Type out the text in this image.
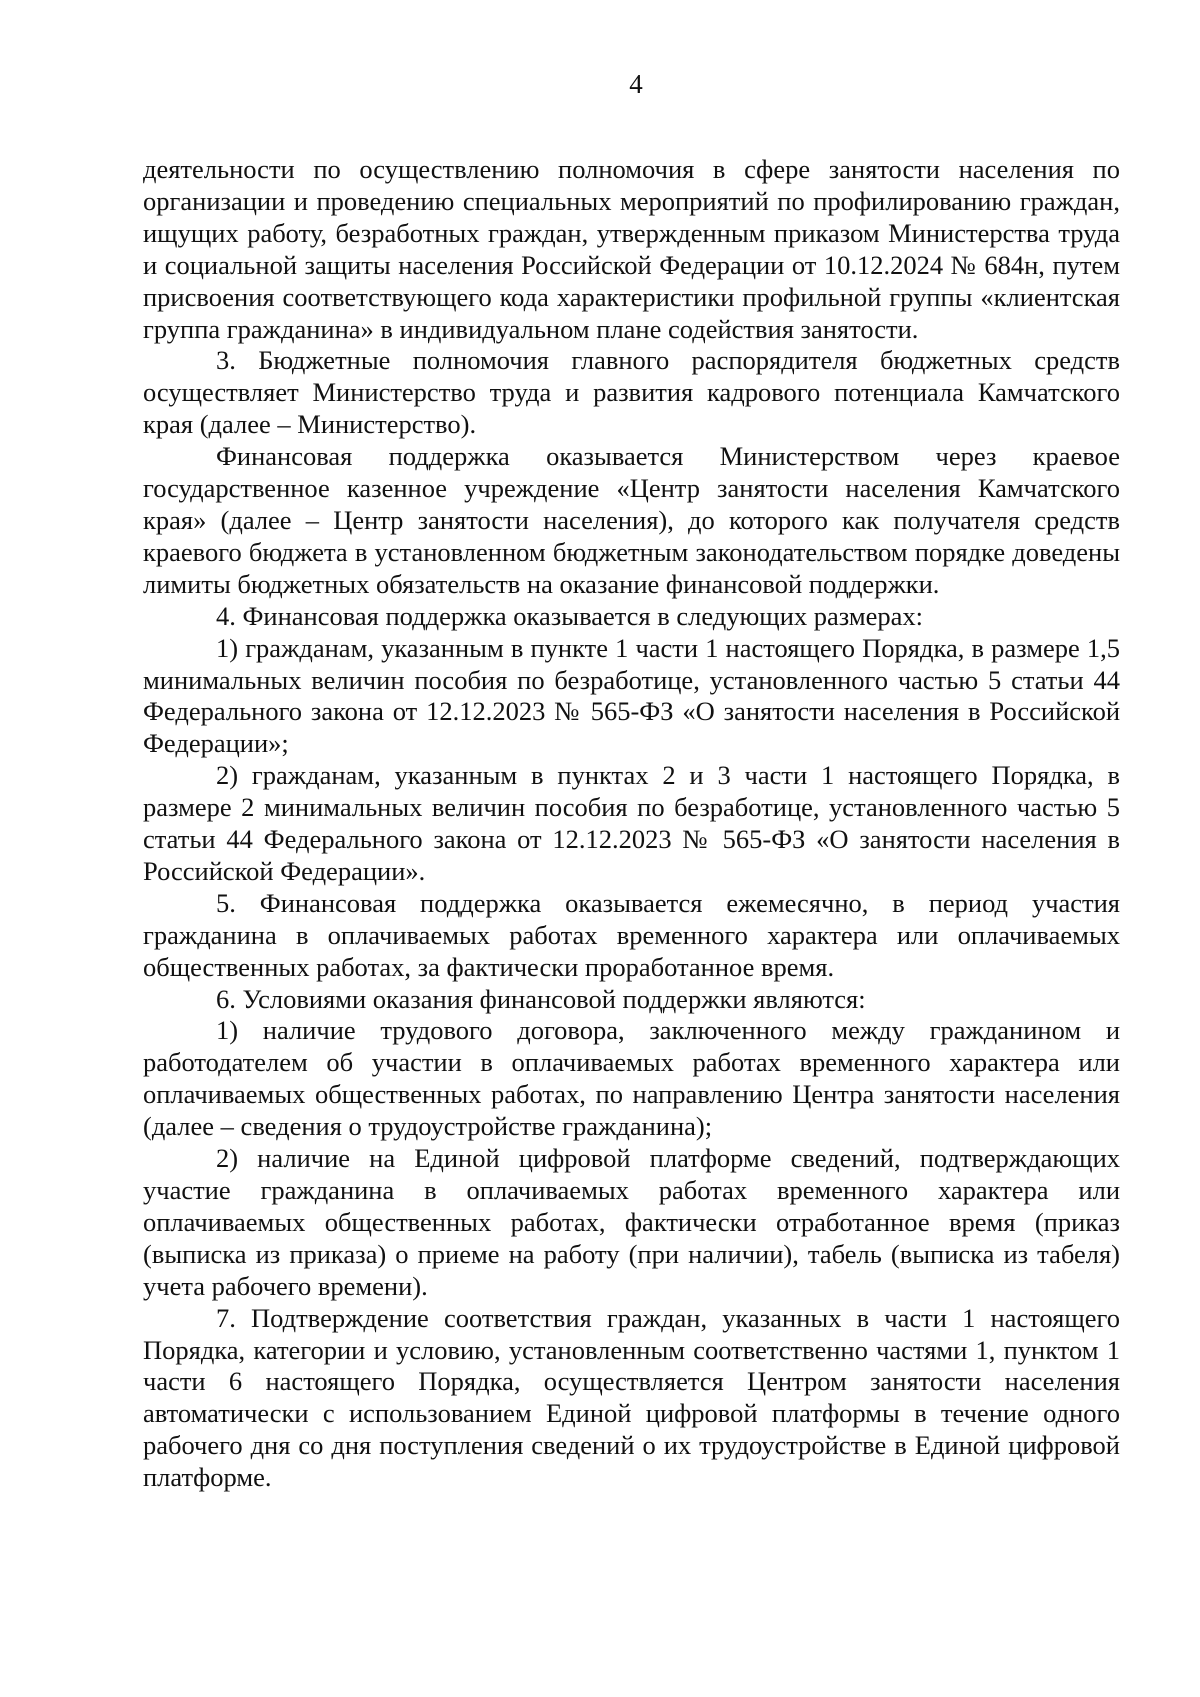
4

деятельности по осуществлению полномочия в сфере занятости населения по организации и проведению специальных мероприятий по профилированию граждан, ищущих работу, безработных граждан, утвержденным приказом Министерства труда и социальной защиты населения Российской Федерации от 10.12.2024 № 684н, путем присвоения соответствующего кода характеристики профильной группы «клиентская группа гражданина» в индивидуальном плане содействия занятости.

3. Бюджетные полномочия главного распорядителя бюджетных средств осуществляет Министерство труда и развития кадрового потенциала Камчатского края (далее – Министерство).

Финансовая поддержка оказывается Министерством через краевое государственное казенное учреждение «Центр занятости населения Камчатского края» (далее – Центр занятости населения), до которого как получателя средств краевого бюджета в установленном бюджетным законодательством порядке доведены лимиты бюджетных обязательств на оказание финансовой поддержки.

4. Финансовая поддержка оказывается в следующих размерах:

1) гражданам, указанным в пункте 1 части 1 настоящего Порядка, в размере 1,5 минимальных величин пособия по безработице, установленного частью 5 статьи 44 Федерального закона от 12.12.2023 № 565-ФЗ «О занятости населения в Российской Федерации»;

2) гражданам, указанным в пунктах 2 и 3 части 1 настоящего Порядка, в размере 2 минимальных величин пособия по безработице, установленного частью 5 статьи 44 Федерального закона от 12.12.2023 № 565-ФЗ «О занятости населения в Российской Федерации».

5. Финансовая поддержка оказывается ежемесячно, в период участия гражданина в оплачиваемых работах временного характера или оплачиваемых общественных работах, за фактически проработанное время.

6. Условиями оказания финансовой поддержки являются:

1) наличие трудового договора, заключенного между гражданином и работодателем об участии в оплачиваемых работах временного характера или оплачиваемых общественных работах, по направлению Центра занятости населения (далее – сведения о трудоустройстве гражданина);

2) наличие на Единой цифровой платформе сведений, подтверждающих участие гражданина в оплачиваемых работах временного характера или оплачиваемых общественных работах, фактически отработанное время (приказ (выписка из приказа) о приеме на работу (при наличии), табель (выписка из табеля) учета рабочего времени).

7. Подтверждение соответствия граждан, указанных в части 1 настоящего Порядка, категории и условию, установленным соответственно частями 1, пунктом 1 части 6 настоящего Порядка, осуществляется Центром занятости населения автоматически с использованием Единой цифровой платформы в течение одного рабочего дня со дня поступления сведений о их трудоустройстве в Единой цифровой платформе.
